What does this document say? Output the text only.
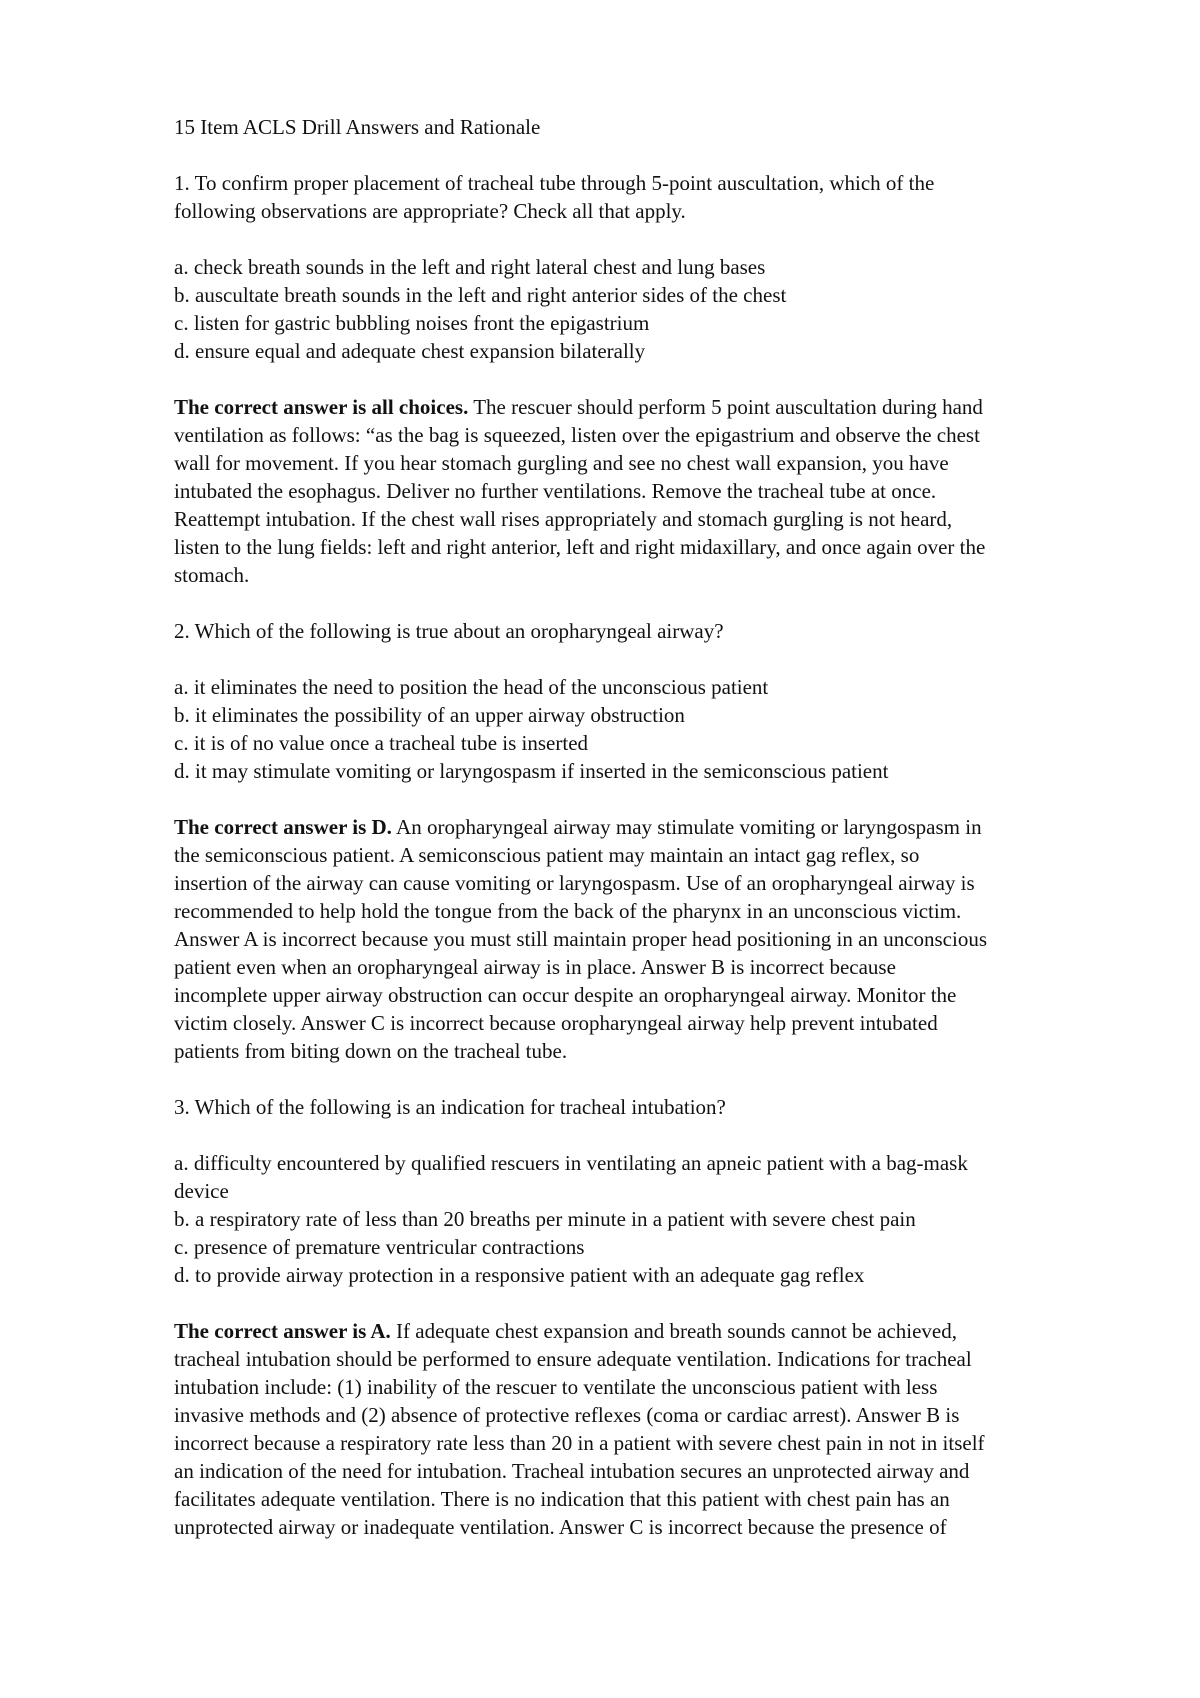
15 Item ACLS Drill Answers and Rationale
1. To confirm proper placement of tracheal tube through 5-point auscultation, which of the
following observations are appropriate? Check all that apply.
a. check breath sounds in the left and right lateral chest and lung bases
b. auscultate breath sounds in the left and right anterior sides of the chest
c. listen for gastric bubbling noises front the epigastrium
d. ensure equal and adequate chest expansion bilaterally
The correct answer is all choices. The rescuer should perform 5 point auscultation during hand
ventilation as follows: “as the bag is squeezed, listen over the epigastrium and observe the chest
wall for movement. If you hear stomach gurgling and see no chest wall expansion, you have
intubated the esophagus. Deliver no further ventilations. Remove the tracheal tube at once.
Reattempt intubation. If the chest wall rises appropriately and stomach gurgling is not heard,
listen to the lung fields: left and right anterior, left and right midaxillary, and once again over the
stomach.
2. Which of the following is true about an oropharyngeal airway?
a. it eliminates the need to position the head of the unconscious patient
b. it eliminates the possibility of an upper airway obstruction
c. it is of no value once a tracheal tube is inserted
d. it may stimulate vomiting or laryngospasm if inserted in the semiconscious patient
The correct answer is D. An oropharyngeal airway may stimulate vomiting or laryngospasm in
the semiconscious patient. A semiconscious patient may maintain an intact gag reflex, so
insertion of the airway can cause vomiting or laryngospasm. Use of an oropharyngeal airway is
recommended to help hold the tongue from the back of the pharynx in an unconscious victim.
Answer A is incorrect because you must still maintain proper head positioning in an unconscious
patient even when an oropharyngeal airway is in place. Answer B is incorrect because
incomplete upper airway obstruction can occur despite an oropharyngeal airway. Monitor the
victim closely. Answer C is incorrect because oropharyngeal airway help prevent intubated
patients from biting down on the tracheal tube.
3. Which of the following is an indication for tracheal intubation?
a. difficulty encountered by qualified rescuers in ventilating an apneic patient with a bag-mask
device
b. a respiratory rate of less than 20 breaths per minute in a patient with severe chest pain
c. presence of premature ventricular contractions
d. to provide airway protection in a responsive patient with an adequate gag reflex
The correct answer is A. If adequate chest expansion and breath sounds cannot be achieved,
tracheal intubation should be performed to ensure adequate ventilation. Indications for tracheal
intubation include: (1) inability of the rescuer to ventilate the unconscious patient with less
invasive methods and (2) absence of protective reflexes (coma or cardiac arrest). Answer B is
incorrect because a respiratory rate less than 20 in a patient with severe chest pain in not in itself
an indication of the need for intubation. Tracheal intubation secures an unprotected airway and
facilitates adequate ventilation. There is no indication that this patient with chest pain has an
unprotected airway or inadequate ventilation. Answer C is incorrect because the presence of
